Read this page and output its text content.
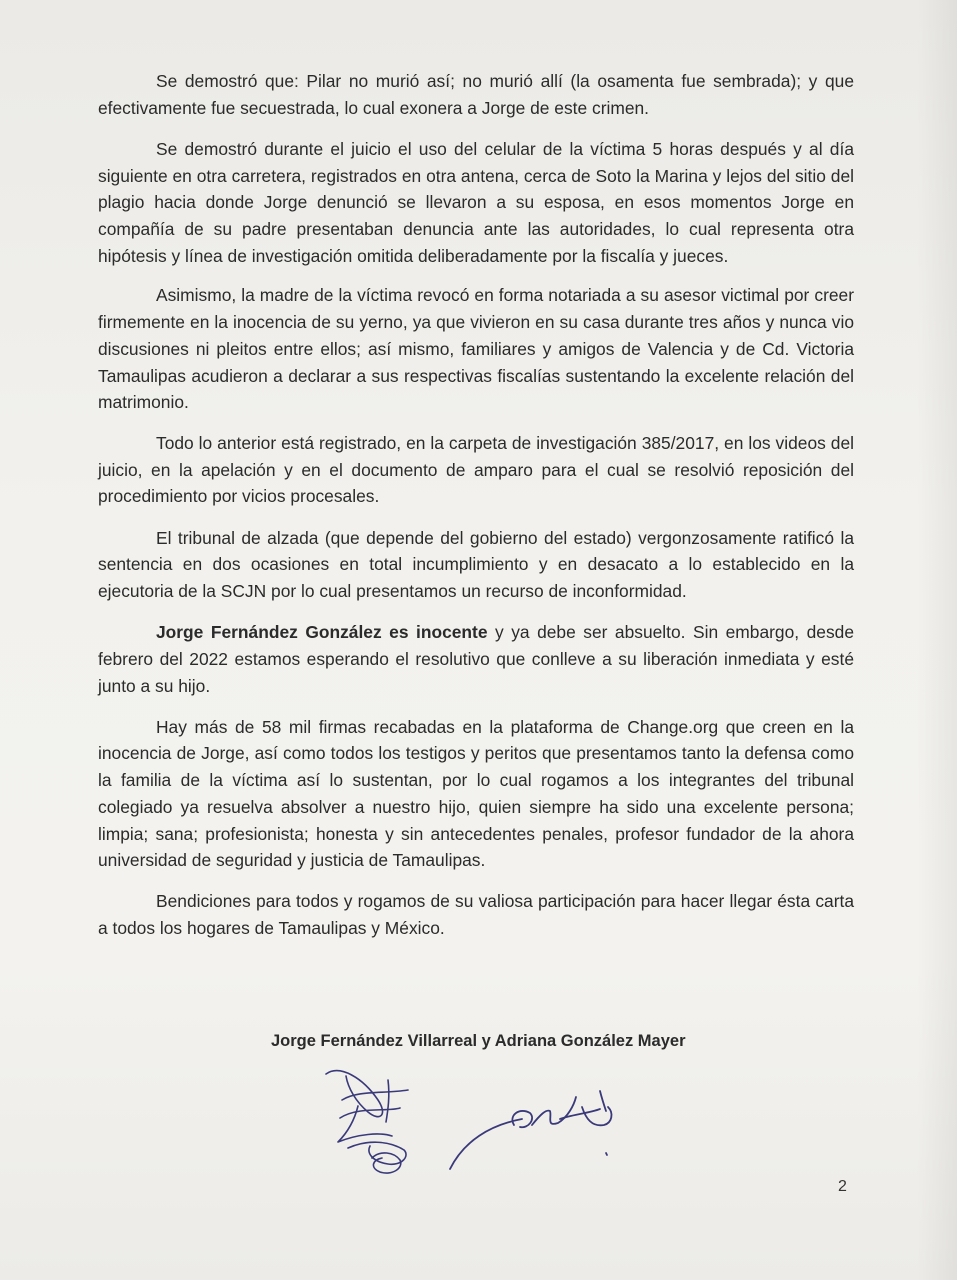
Se demostró que: Pilar no murió así; no murió allí (la osamenta fue sembrada); y que efectivamente fue secuestrada, lo cual exonera a Jorge de este crimen.

Se demostró durante el juicio el uso del celular de la víctima 5 horas después y al día siguiente en otra carretera, registrados en otra antena, cerca de Soto la Marina y lejos del sitio del plagio hacia donde Jorge denunció se llevaron a su esposa, en esos momentos Jorge en compañía de su padre presentaban denuncia ante las autoridades, lo cual representa otra hipótesis y línea de investigación omitida deliberadamente por la fiscalía y jueces.

Asimismo, la madre de la víctima revocó en forma notariada a su asesor victimal por creer firmemente en la inocencia de su yerno, ya que vivieron en su casa durante tres años y nunca vio discusiones ni pleitos entre ellos; así mismo, familiares y amigos de Valencia y de Cd. Victoria Tamaulipas acudieron a declarar a sus respectivas fiscalías sustentando la excelente relación del matrimonio.

Todo lo anterior está registrado, en la carpeta de investigación 385/2017, en los videos del juicio, en la apelación y en el documento de amparo para el cual se resolvió reposición del procedimiento por vicios procesales.

El tribunal de alzada (que depende del gobierno del estado) vergonzosamente ratificó la sentencia en dos ocasiones en total incumplimiento y en desacato a lo establecido en la ejecutoria de la SCJN por lo cual presentamos un recurso de inconformidad.

Jorge Fernández González es inocente y ya debe ser absuelto. Sin embargo, desde febrero del 2022 estamos esperando el resolutivo que conlleve a su liberación inmediata y esté junto a su hijo.

Hay más de 58 mil firmas recabadas en la plataforma de Change.org que creen en la inocencia de Jorge, así como todos los testigos y peritos que presentamos tanto la defensa como la familia de la víctima así lo sustentan, por lo cual rogamos a los integrantes del tribunal colegiado ya resuelva absolver a nuestro hijo, quien siempre ha sido una excelente persona; limpia; sana; profesionista; honesta y sin antecedentes penales, profesor fundador de la ahora universidad de seguridad y justicia de Tamaulipas.

Bendiciones para todos y rogamos de su valiosa participación para hacer llegar ésta carta a todos los hogares de Tamaulipas y México.

Jorge Fernández Villarreal y Adriana González Mayer
2
